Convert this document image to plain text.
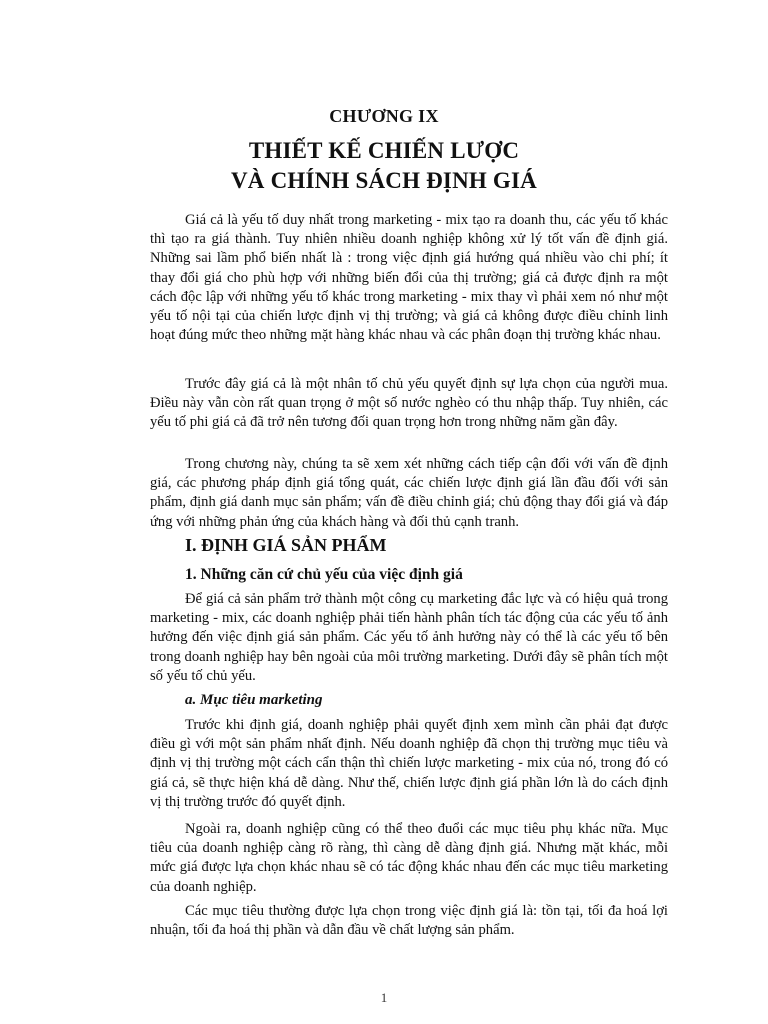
CHƯƠNG IX
THIẾT KẾ CHIẾN LƯỢC
VÀ CHÍNH SÁCH ĐỊNH GIÁ

Giá cả là yếu tố duy nhất trong marketing - mix tạo ra doanh thu, các yếu tố khác thì tạo ra giá thành. Tuy nhiên nhiều doanh nghiệp không xử lý tốt vấn đề định giá. Những sai lầm phổ biến nhất là : trong việc định giá hướng quá nhiều vào chi phí; ít thay đổi giá cho phù hợp với những biến đổi của thị trường; giá cả được định ra một cách độc lập với những yếu tố khác trong marketing - mix thay vì phải xem nó như một yếu tố nội tại của chiến lược định vị thị trường; và giá cả không được điều chỉnh linh hoạt đúng mức theo những mặt hàng khác nhau và các phân đoạn thị trường khác nhau.

Trước đây giá cả là một nhân tố chủ yếu quyết định sự lựa chọn của người mua. Điều này vẫn còn rất quan trọng ở một số nước nghèo có thu nhập thấp. Tuy nhiên, các yếu tố phi giá cả đã trở nên tương đối quan trọng hơn trong những năm gần đây.

Trong chương này, chúng ta sẽ xem xét những cách tiếp cận đối với vấn đề định giá, các phương pháp định giá tổng quát, các chiến lược định giá lần đầu đối với sản phẩm, định giá danh mục sản phẩm; vấn đề điều chỉnh giá; chủ động thay đổi giá và đáp ứng với những phản ứng của khách hàng và đối thủ cạnh tranh.

I. ĐỊNH GIÁ SẢN PHẨM
1. Những căn cứ chủ yếu của việc định giá

Để giá cả sản phẩm trở thành một công cụ marketing đắc lực và có hiệu quả trong marketing - mix, các doanh nghiệp phải tiến hành phân tích tác động của các yếu tố ảnh hưởng đến việc định giá sản phẩm. Các yếu tố ảnh hưởng này có thể là các yếu tố bên trong doanh nghiệp hay bên ngoài của môi trường marketing. Dưới đây sẽ phân tích một số yếu tố chủ yếu.

a. Mục tiêu marketing

Trước khi định giá, doanh nghiệp phải quyết định xem mình cần phải đạt được điều gì với một sản phẩm nhất định. Nếu doanh nghiệp đã chọn thị trường mục tiêu và định vị thị trường một cách cẩn thận thì chiến lược marketing - mix của nó, trong đó có giá cả, sẽ thực hiện khá dễ dàng. Như thế, chiến lược định giá phần lớn là do cách định vị thị trường trước đó quyết định.

Ngoài ra, doanh nghiệp cũng có thể theo đuổi các mục tiêu phụ khác nữa. Mục tiêu của doanh nghiệp càng rõ ràng, thì càng dễ dàng định giá. Nhưng mặt khác, mỗi mức giá được lựa chọn khác nhau sẽ có tác động khác nhau đến các mục tiêu marketing của doanh nghiệp.

Các mục tiêu thường được lựa chọn trong việc định giá là: tồn tại, tối đa hoá lợi nhuận, tối đa hoá thị phần và dẫn đầu về chất lượng sản phẩm.

1
